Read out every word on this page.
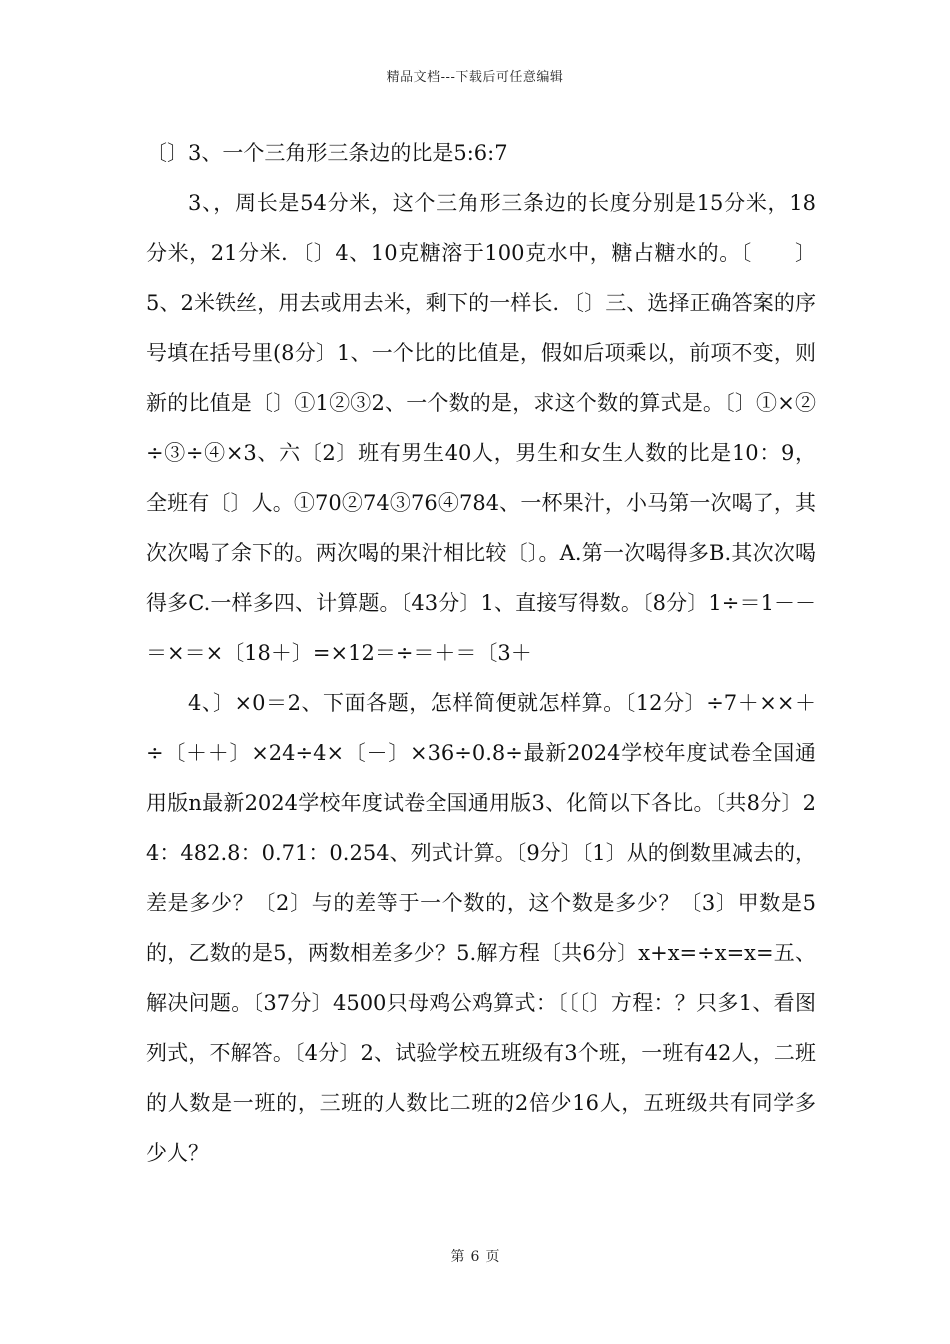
精品文档---下载后可任意编辑

〔〕3、一个三角形三条边的比是5:6:7

3、，周长是54分米，这个三角形三条边的长度分别是15分米，18分米，21分米．〔〕4、10克糖溶于100克水中，糖占糖水的。〔　　〕5、2米铁丝，用去或用去米，剩下的一样长．〔〕三、选择正确答案的序号填在括号里(8分〕1、一个比的比值是，假如后项乘以，前项不变，则新的比值是〔〕①1②③2、一个数的是，求这个数的算式是。〔〕①×②÷③÷④×3、六〔2〕班有男生40人，男生和女生人数的比是10：9，全班有〔〕人。①70②74③76④784、一杯果汁，小马第一次喝了，其次次喝了余下的。两次喝的果汁相比较〔〕。A.第一次喝得多B.其次次喝得多C.一样多四、计算题。〔43分〕1、直接写得数。〔8分〕1÷＝1－－＝×＝×〔18＋〕=×12＝÷＝＋＝〔3＋

4、〕×0＝2、下面各题，怎样简便就怎样算。〔12分〕÷7＋××＋÷〔＋＋〕×24÷4×〔－〕×36÷0.8÷最新2024学校年度试卷全国通用版n最新2024学校年度试卷全国通用版3、化简以下各比。〔共8分〕24：482.8：0.71：0.254、列式计算。〔9分〕〔1〕从的倒数里减去的，差是多少？〔2〕与的差等于一个数的，这个数是多少？〔3〕甲数是5的，乙数的是5，两数相差多少？5.解方程〔共6分〕x+x=÷x=x=五、解决问题。〔37分〕4500只母鸡公鸡算式：〔〔〔〕方程：？只多1、看图列式，不解答。〔4分〕2、试验学校五班级有3个班，一班有42人，二班的人数是一班的，三班的人数比二班的2倍少16人，五班级共有同学多少人？

第 6 页
